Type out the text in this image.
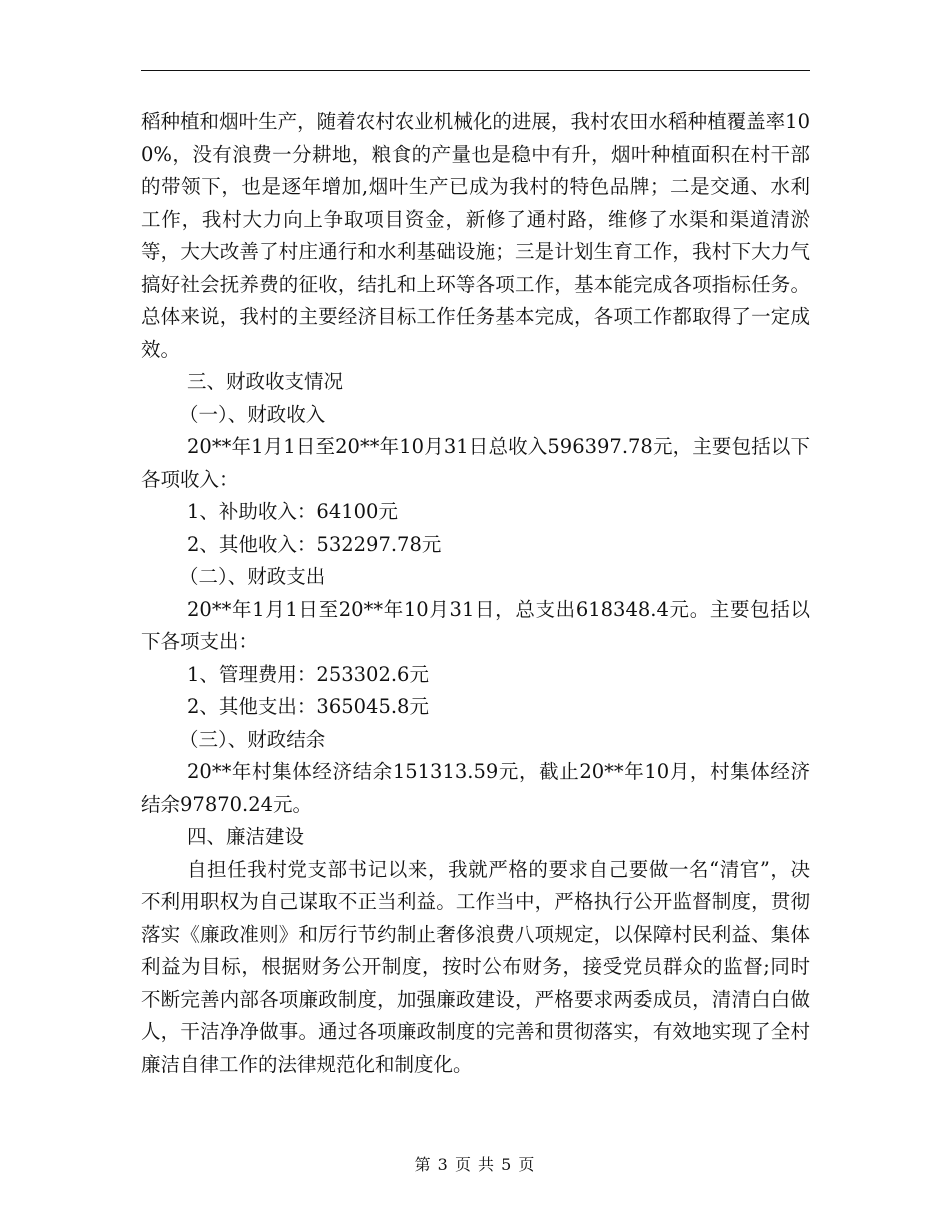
稻种植和烟叶生产，随着农村农业机械化的进展，我村农田水稻种植覆盖率100%，没有浪费一分耕地，粮食的产量也是稳中有升，烟叶种植面积在村干部的带领下，也是逐年增加,烟叶生产已成为我村的特色品牌；二是交通、水利工作，我村大力向上争取项目资金，新修了通村路，维修了水渠和渠道清淤等，大大改善了村庄通行和水利基础设施；三是计划生育工作，我村下大力气搞好社会抚养费的征收，结扎和上环等各项工作，基本能完成各项指标任务。总体来说，我村的主要经济目标工作任务基本完成，各项工作都取得了一定成效。

三、财政收支情况

（一）、财政收入

20**年1月1日至20**年10月31日总收入596397.78元，主要包括以下各项收入：

1、补助收入：64100元

2、其他收入：532297.78元

（二）、财政支出

20**年1月1日至20**年10月31日，总支出618348.4元。主要包括以下各项支出：

1、管理费用：253302.6元

2、其他支出：365045.8元

（三）、财政结余

20**年村集体经济结余151313.59元，截止20**年10月，村集体经济结余97870.24元。

四、廉洁建设

自担任我村党支部书记以来，我就严格的要求自己要做一名“清官”，决不利用职权为自己谋取不正当利益。工作当中，严格执行公开监督制度，贯彻落实《廉政准则》和厉行节约制止奢侈浪费八项规定，以保障村民利益、集体利益为目标，根据财务公开制度，按时公布财务，接受党员群众的监督;同时不断完善内部各项廉政制度，加强廉政建设，严格要求两委成员，清清白白做人，干洁净净做事。通过各项廉政制度的完善和贯彻落实，有效地实现了全村廉洁自律工作的法律规范化和制度化。

第 3 页 共 5 页
